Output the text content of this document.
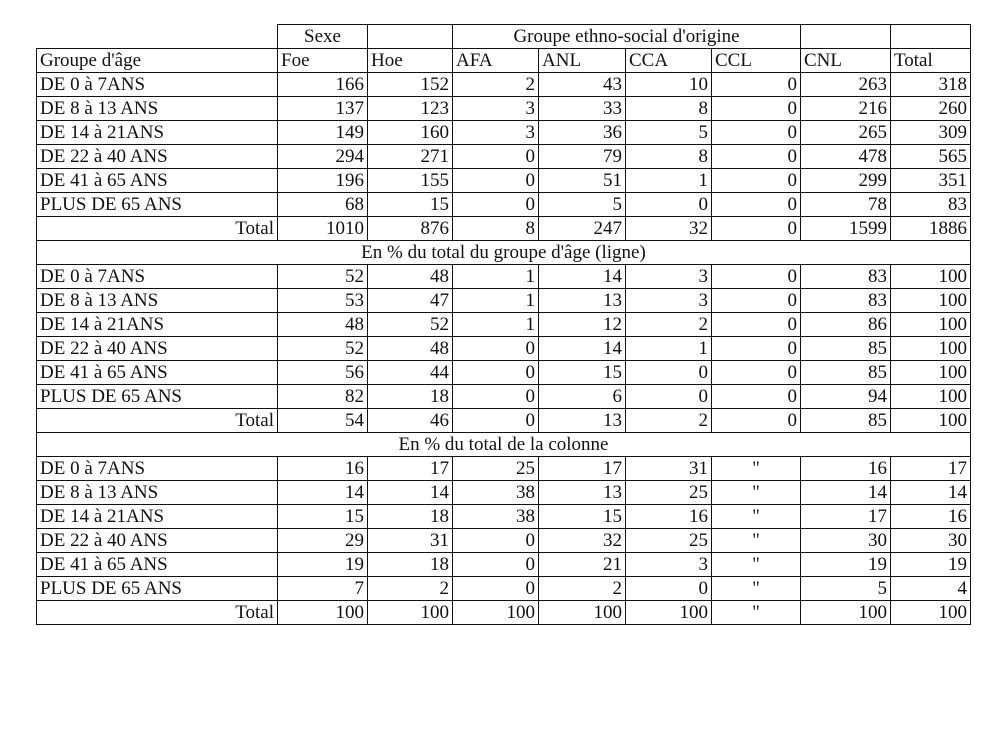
	Sexe		Groupe ethno-social d'origine					
Groupe d'âge	Foe	Hoe	AFA	ANL	CCA	CCL	CNL	Total
DE 0 à 7ANS	166	152	2	43	10	0	263	318
DE 8 à 13 ANS	137	123	3	33	8	0	216	260
DE 14 à 21ANS	149	160	3	36	5	0	265	309
DE 22 à 40 ANS	294	271	0	79	8	0	478	565
DE 41 à 65 ANS	196	155	0	51	1	0	299	351
PLUS DE 65 ANS	68	15	0	5	0	0	78	83
Total	1010	876	8	247	32	0	1599	1886
En % du total du groupe d'âge (ligne)								
DE 0 à 7ANS	52	48	1	14	3	0	83	100
DE 8 à 13 ANS	53	47	1	13	3	0	83	100
DE 14 à 21ANS	48	52	1	12	2	0	86	100
DE 22 à 40 ANS	52	48	0	14	1	0	85	100
DE 41 à 65 ANS	56	44	0	15	0	0	85	100
PLUS DE 65 ANS	82	18	0	6	0	0	94	100
Total	54	46	0	13	2	0	85	100
En % du total de la colonne								
DE 0 à 7ANS	16	17	25	17	31	"	16	17
DE 8 à 13 ANS	14	14	38	13	25	"	14	14
DE 14 à 21ANS	15	18	38	15	16	"	17	16
DE 22 à 40 ANS	29	31	0	32	25	"	30	30
DE 41 à 65 ANS	19	18	0	21	3	"	19	19
PLUS DE 65 ANS	7	2	0	2	0	"	5	4
Total	100	100	100	100	100	"	100	100
